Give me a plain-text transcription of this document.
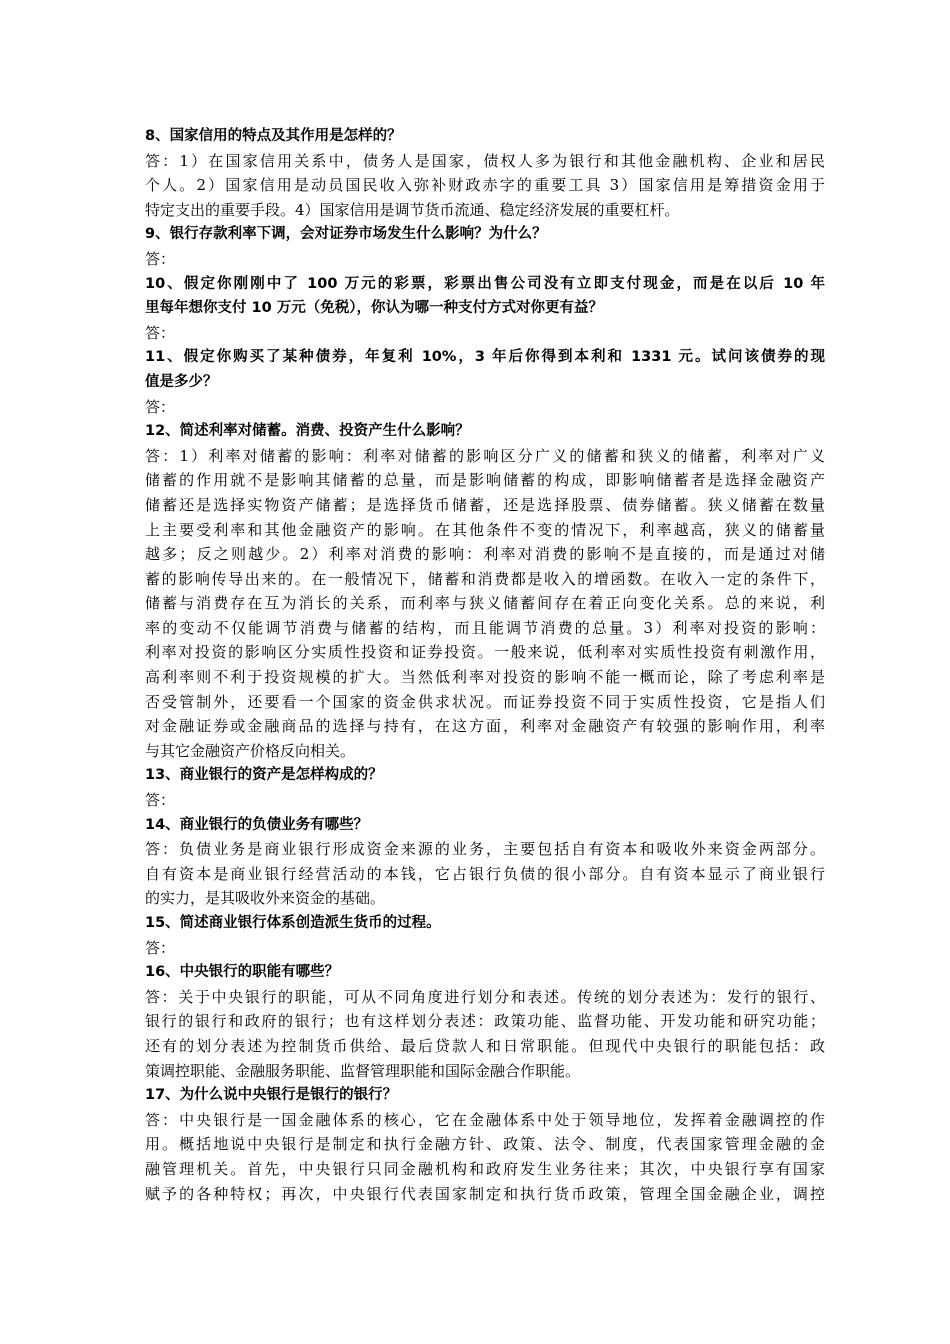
8、国家信用的特点及其作用是怎样的？
答：1）在国家信用关系中，债务人是国家，债权人多为银行和其他金融机构、企业和居民
个人。2）国家信用是动员国民收入弥补财政赤字的重要工具 3）国家信用是筹措资金用于
特定支出的重要手段。4）国家信用是调节货币流通、稳定经济发展的重要杠杆。
9、银行存款利率下调，会对证券市场发生什么影响？为什么？
答：
10、假定你刚刚中了 100 万元的彩票，彩票出售公司没有立即支付现金，而是在以后 10 年
里每年想你支付 10 万元（免税），你认为哪一种支付方式对你更有益？
答：
11、假定你购买了某种债券，年复利 10%，3 年后你得到本利和 1331 元。试问该债券的现
值是多少？
答：
12、简述利率对储蓄。消费、投资产生什么影响？
答：1）利率对储蓄的影响：利率对储蓄的影响区分广义的储蓄和狭义的储蓄，利率对广义
储蓄的作用就不是影响其储蓄的总量，而是影响储蓄的构成，即影响储蓄者是选择金融资产
储蓄还是选择实物资产储蓄；是选择货币储蓄，还是选择股票、债券储蓄。狭义储蓄在数量
上主要受利率和其他金融资产的影响。在其他条件不变的情况下，利率越高，狭义的储蓄量
越多；反之则越少。2）利率对消费的影响：利率对消费的影响不是直接的，而是通过对储
蓄的影响传导出来的。在一般情况下，储蓄和消费都是收入的增函数。在收入一定的条件下，
储蓄与消费存在互为消长的关系，而利率与狭义储蓄间存在着正向变化关系。总的来说，利
率的变动不仅能调节消费与储蓄的结构，而且能调节消费的总量。3）利率对投资的影响：
利率对投资的影响区分实质性投资和证券投资。一般来说，低利率对实质性投资有刺激作用，
高利率则不利于投资规模的扩大。当然低利率对投资的影响不能一概而论，除了考虑利率是
否受管制外，还要看一个国家的资金供求状况。而证券投资不同于实质性投资，它是指人们
对金融证券或金融商品的选择与持有，在这方面，利率对金融资产有较强的影响作用，利率
与其它金融资产价格反向相关。
13、商业银行的资产是怎样构成的？
答：
14、商业银行的负债业务有哪些？
答：负债业务是商业银行形成资金来源的业务，主要包括自有资本和吸收外来资金两部分。
自有资本是商业银行经营活动的本钱，它占银行负债的很小部分。自有资本显示了商业银行
的实力，是其吸收外来资金的基础。
15、简述商业银行体系创造派生货币的过程。
答：
16、中央银行的职能有哪些？
答：关于中央银行的职能，可从不同角度进行划分和表述。传统的划分表述为：发行的银行、
银行的银行和政府的银行；也有这样划分表述：政策功能、监督功能、开发功能和研究功能；
还有的划分表述为控制货币供给、最后贷款人和日常职能。但现代中央银行的职能包括：政
策调控职能、金融服务职能、监督管理职能和国际金融合作职能。
17、为什么说中央银行是银行的银行？
答：中央银行是一国金融体系的核心，它在金融体系中处于领导地位，发挥着金融调控的作
用。概括地说中央银行是制定和执行金融方针、政策、法令、制度，代表国家管理金融的金
融管理机关。首先，中央银行只同金融机构和政府发生业务往来；其次，中央银行享有国家
赋予的各种特权；再次，中央银行代表国家制定和执行货币政策，管理全国金融企业，调控
